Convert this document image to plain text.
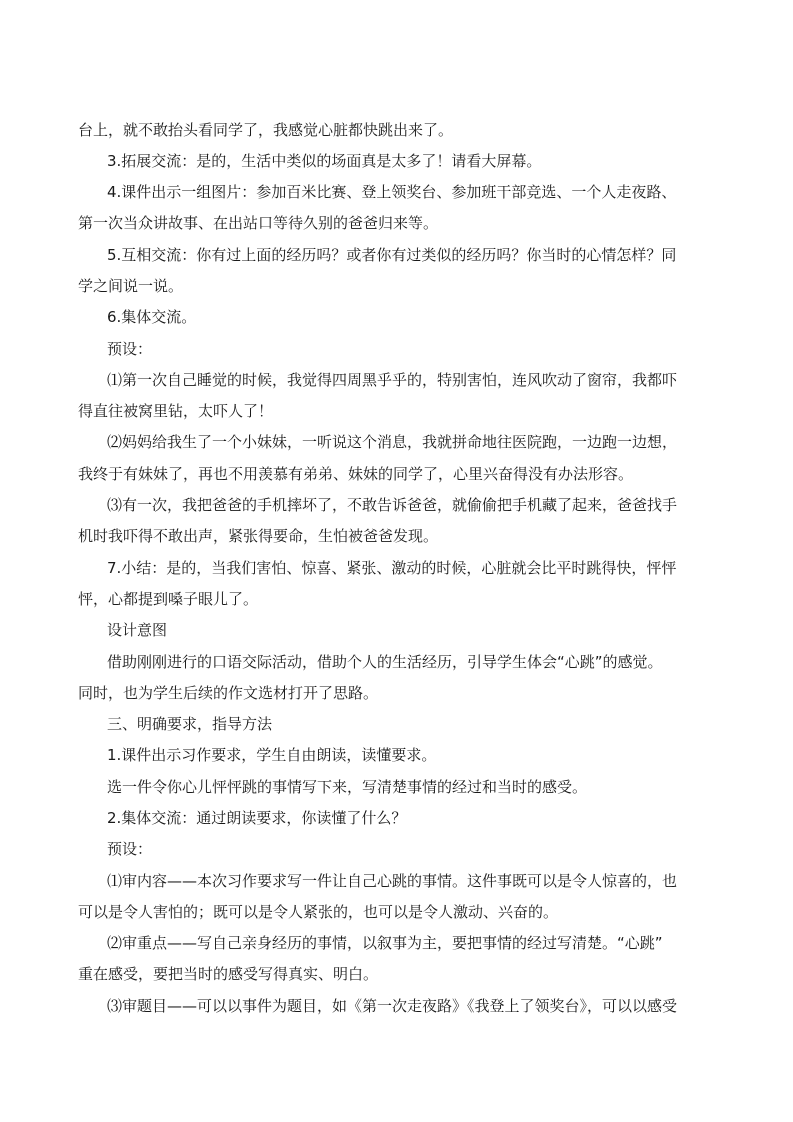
台上，就不敢抬头看同学了，我感觉心脏都快跳出来了。
3.拓展交流：是的，生活中类似的场面真是太多了！请看大屏幕。
4.课件出示一组图片：参加百米比赛、登上领奖台、参加班干部竞选、一个人走夜路、
第一次当众讲故事、在出站口等待久别的爸爸归来等。
5.互相交流：你有过上面的经历吗？或者你有过类似的经历吗？你当时的心情怎样？同
学之间说一说。
6.集体交流。
预设：
⑴第一次自己睡觉的时候，我觉得四周黑乎乎的，特别害怕，连风吹动了窗帘，我都吓
得直往被窝里钻，太吓人了！
⑵妈妈给我生了一个小妹妹，一听说这个消息，我就拼命地往医院跑，一边跑一边想，
我终于有妹妹了，再也不用羡慕有弟弟、妹妹的同学了，心里兴奋得没有办法形容。
⑶有一次，我把爸爸的手机摔坏了，不敢告诉爸爸，就偷偷把手机藏了起来，爸爸找手
机时我吓得不敢出声，紧张得要命，生怕被爸爸发现。
7.小结：是的，当我们害怕、惊喜、紧张、激动的时候，心脏就会比平时跳得快，怦怦
怦，心都提到嗓子眼儿了。
设计意图
借助刚刚进行的口语交际活动，借助个人的生活经历，引导学生体会“心跳”的感觉。
同时，也为学生后续的作文选材打开了思路。
三、明确要求，指导方法
1.课件出示习作要求，学生自由朗读，读懂要求。
选一件令你心儿怦怦跳的事情写下来，写清楚事情的经过和当时的感受。
2.集体交流：通过朗读要求，你读懂了什么？
预设：
⑴审内容——本次习作要求写一件让自己心跳的事情。这件事既可以是令人惊喜的，也
可以是令人害怕的；既可以是令人紧张的，也可以是令人激动、兴奋的。
⑵审重点——写自己亲身经历的事情，以叙事为主，要把事情的经过写清楚。“心跳”
重在感受，要把当时的感受写得真实、明白。
⑶审题目——可以以事件为题目，如《第一次走夜路》《我登上了领奖台》，可以以感受
